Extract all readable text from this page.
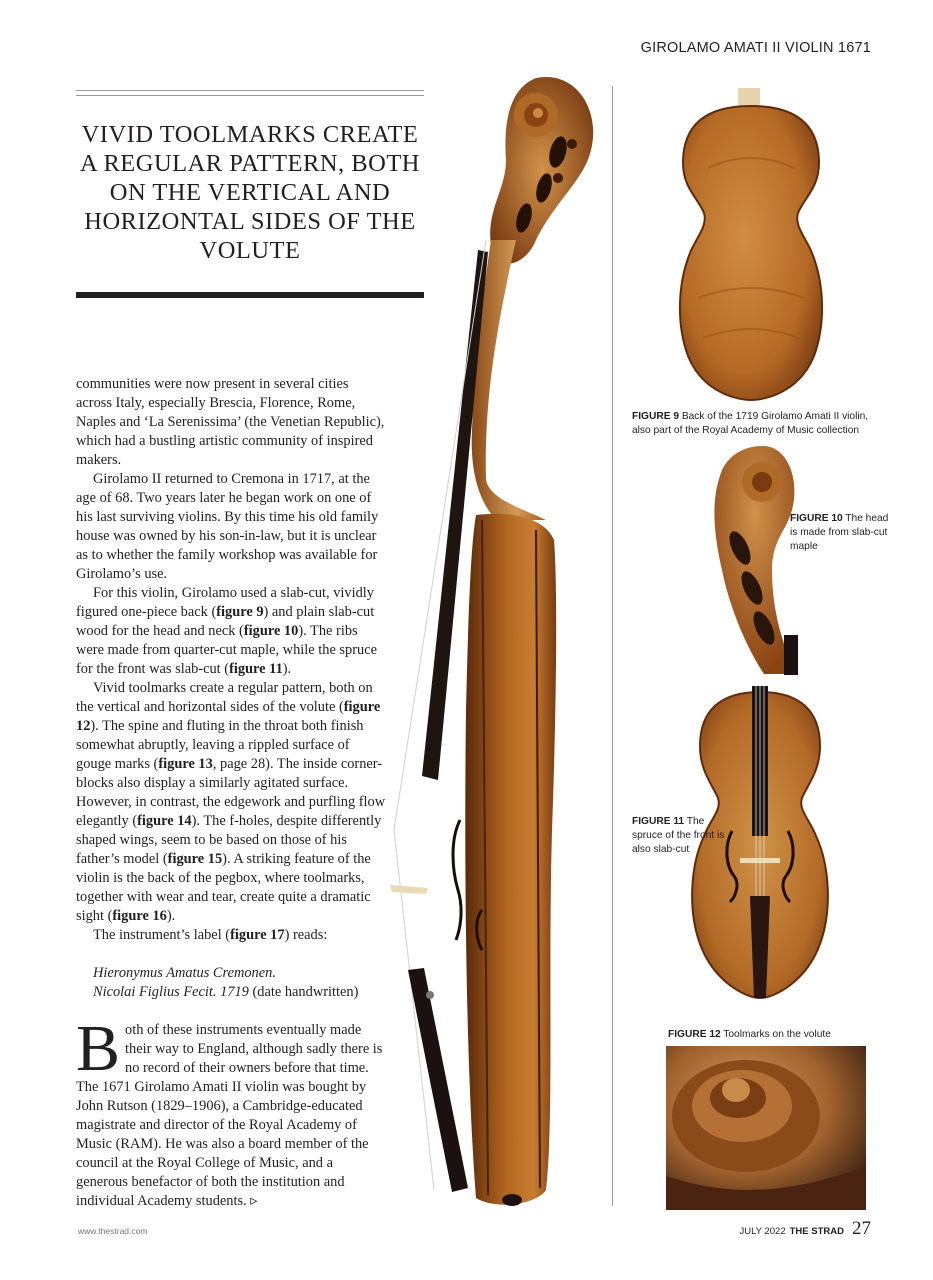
GIROLAMO AMATI II VIOLIN 1671
VIVID TOOLMARKS CREATE A REGULAR PATTERN, BOTH ON THE VERTICAL AND HORIZONTAL SIDES OF THE VOLUTE

communities were now present in several cities across Italy, especially Brescia, Florence, Rome, Naples and ‘La Serenissima’ (the Venetian Republic), which had a bustling artistic community of inspired makers.

Girolamo II returned to Cremona in 1717, at the age of 68. Two years later he began work on one of his last surviving violins. By this time his old family house was owned by his son-in-law, but it is unclear as to whether the family workshop was available for Girolamo’s use.

For this violin, Girolamo used a slab-cut, vividly figured one-piece back (figure 9) and plain slab-cut wood for the head and neck (figure 10). The ribs were made from quarter-cut maple, while the spruce for the front was slab-cut (figure 11).

Vivid toolmarks create a regular pattern, both on the vertical and horizontal sides of the volute (figure 12). The spine and fluting in the throat both finish somewhat abruptly, leaving a rippled surface of gouge marks (figure 13, page 28). The inside corner-blocks also display a similarly agitated surface. However, in contrast, the edgework and purfling flow elegantly (figure 14). The f-holes, despite differently shaped wings, seem to be based on those of his father’s model (figure 15). A striking feature of the violin is the back of the pegbox, where toolmarks, together with wear and tear, create quite a dramatic sight (figure 16).

The instrument’s label (figure 17) reads:

Hieronymus Amatus Cremonen.
Nicolai Figlius Fecit. 1719 (date handwritten)

Both of these instruments eventually made their way to England, although sadly there is no record of their owners before that time. The 1671 Girolamo Amati II violin was bought by John Rutson (1829–1906), a Cambridge-educated magistrate and director of the Royal Academy of Music (RAM). He was also a board member of the council at the Royal College of Music, and a generous benefactor of both the institution and individual Academy students. ▹

FIGURE 9 Back of the 1719 Girolamo Amati II violin, also part of the Royal Academy of Music collection
FIGURE 10 The head is made from slab-cut maple
FIGURE 11 The spruce of the front is also slab-cut
FIGURE 12 Toolmarks on the volute
www.thestrad.com	JULY 2022 THE STRAD 27
